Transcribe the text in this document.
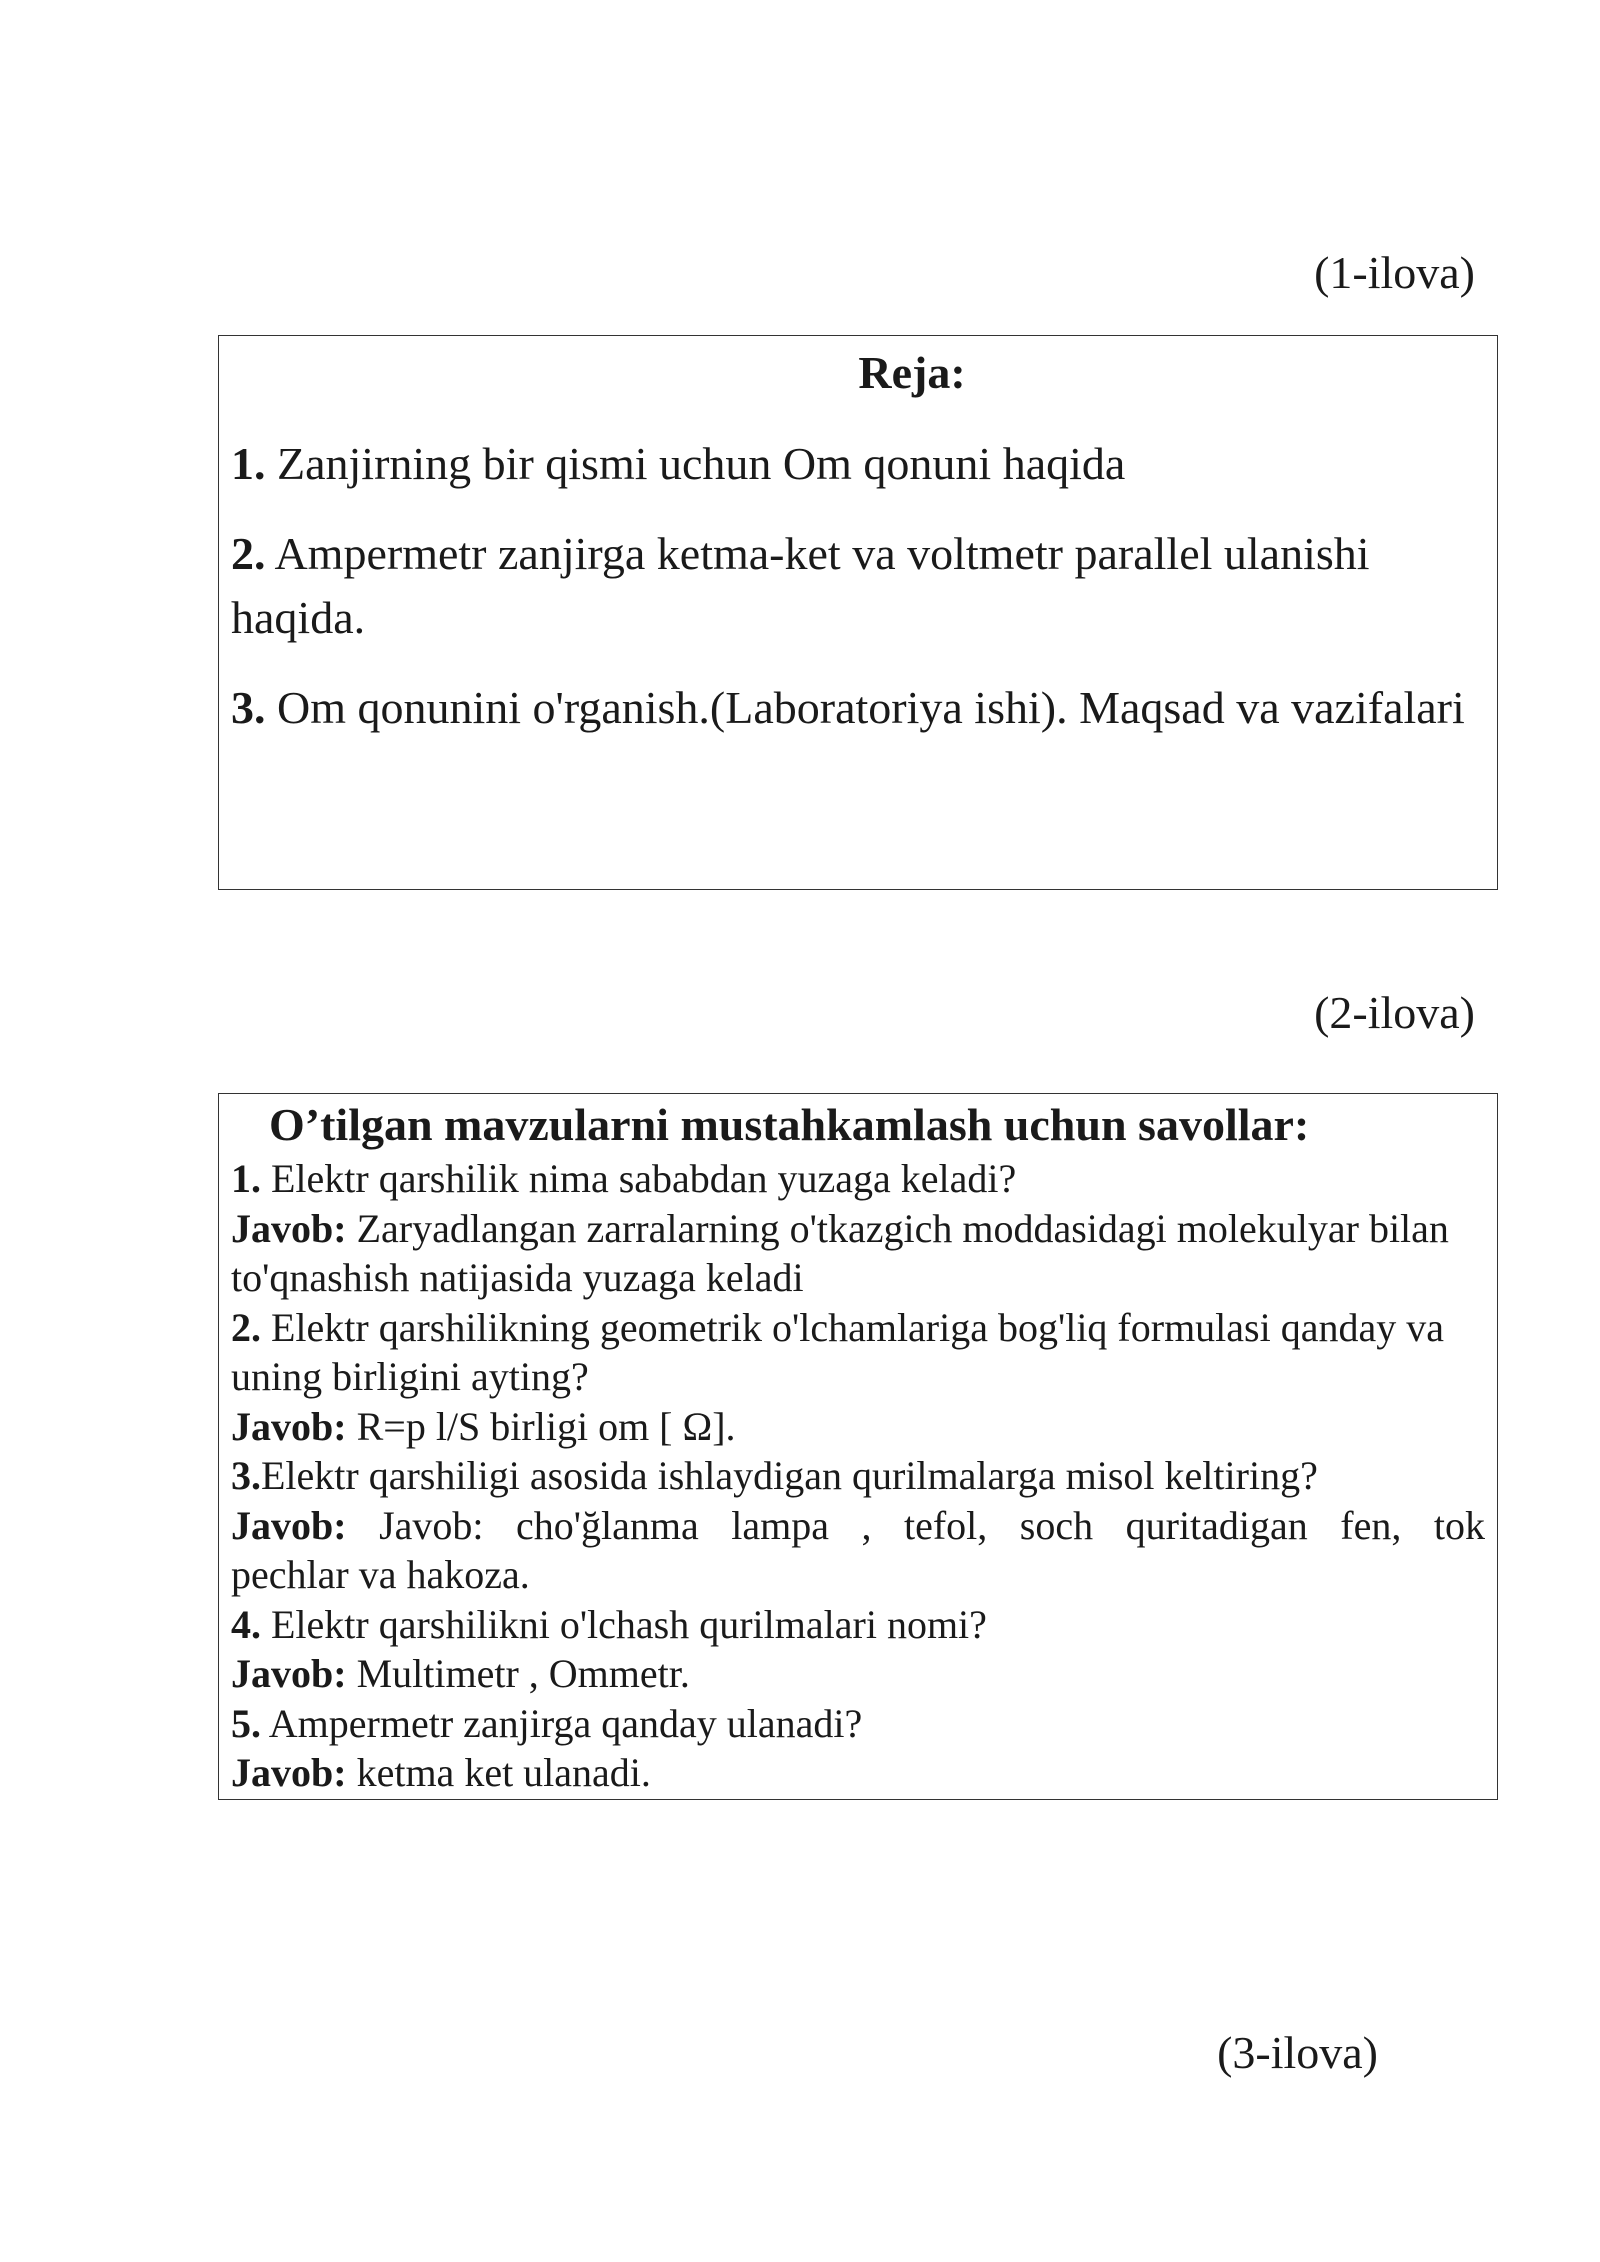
(1-ilova)
Reja:

1. Zanjirning bir qismi uchun Om qonuni haqida

2. Ampermetr zanjirga ketma-ket va voltmetr parallel ulanishi haqida.

3. Om qonunini o'rganish.(Laboratoriya ishi). Maqsad va vazifalari

(2-ilova)
O’tilgan mavzularni mustahkamlash uchun savollar:

1. Elektr qarshilik nima sababdan yuzaga keladi?

Javob: Zaryadlangan zarralarning o'tkazgich moddasidagi molekulyar bilan to'qnashish natijasida yuzaga keladi

2. Elektr qarshilikning geometrik o'lchamlariga bog'liq formulasi qanday va uning birligini ayting?

Javob: R=p l/S birligi om [ Ω].

3.Elektr qarshiligi asosida ishlaydigan qurilmalarga misol keltiring?

Javob: Javob: cho'ğlanma lampa , tefol, soch quritadigan fen, tok

pechlar va hakoza.

4. Elektr qarshilikni o'lchash qurilmalari nomi?

Javob: Multimetr , Ommetr.

5. Ampermetr zanjirga qanday ulanadi?

Javob: ketma ket ulanadi.

(3-ilova)
